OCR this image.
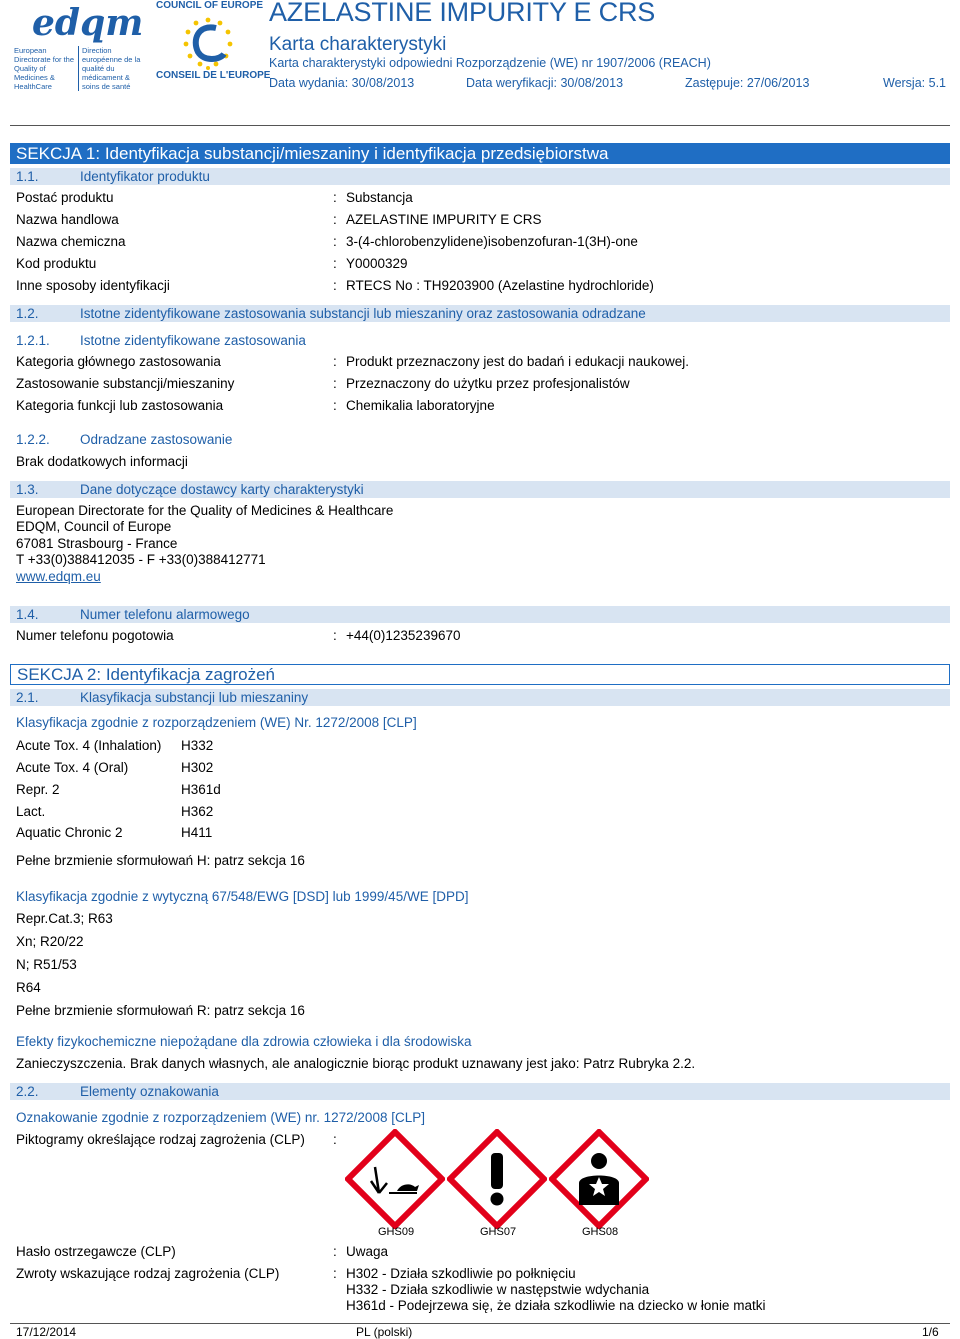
edqm
European Directorate for the Quality of Medicines & HealthCare
Direction européenne de la qualité du médicament & soins de santé
COUNCIL OF EUROPE
CONSEIL DE L'EUROPE
AZELASTINE IMPURITY E CRS
Karta charakterystyki
Karta charakterystyki odpowiedni Rozporządzenie (WE) nr 1907/2006 (REACH)
Data wydania: 30/08/2013	Data weryfikacji: 30/08/2013	Zastępuje: 27/06/2013	Wersja: 5.1
SEKCJA 1: Identyfikacja substancji/mieszaniny i identyfikacja przedsiębiorstwa
1.1.	Identyfikator produktu
Postać produktu	: Substancja
Nazwa handlowa	: AZELASTINE IMPURITY E CRS
Nazwa chemiczna	: 3-(4-chlorobenzylidene)isobenzofuran-1(3H)-one
Kod produktu	: Y0000329
Inne sposoby identyfikacji	: RTECS No : TH9203900 (Azelastine hydrochloride)
1.2.	Istotne zidentyfikowane zastosowania substancji lub mieszaniny oraz zastosowania odradzane
1.2.1. Istotne zidentyfikowane zastosowania
Kategoria głównego zastosowania	: Produkt przeznaczony jest do badań i edukacji naukowej.
Zastosowanie substancji/mieszaniny	: Przeznaczony do użytku przez profesjonalistów
Kategoria funkcji lub zastosowania	: Chemikalia laboratoryjne
1.2.2. Odradzane zastosowanie
Brak dodatkowych informacji
1.3.	Dane dotyczące dostawcy karty charakterystyki
European Directorate for the Quality of Medicines & Healthcare
EDQM, Council of Europe
67081 Strasbourg - France
T +33(0)388412035 - F +33(0)388412771
www.edqm.eu
1.4.	Numer telefonu alarmowego
Numer telefonu pogotowia	: +44(0)1235239670
SEKCJA 2: Identyfikacja zagrożeń
2.1.	Klasyfikacja substancji lub mieszaniny
Klasyfikacja zgodnie z rozporządzeniem (WE) Nr. 1272/2008 [CLP]
Acute Tox. 4 (Inhalation) H332
Acute Tox. 4 (Oral)	H302
Repr. 2	H361d
Lact.	H362
Aquatic Chronic 2	H411
Pełne brzmienie sformułowań H: patrz sekcja 16
Klasyfikacja zgodnie z wytyczną 67/548/EWG [DSD] lub 1999/45/WE [DPD]
Repr.Cat.3; R63
Xn; R20/22
N; R51/53
R64
Pełne brzmienie sformułowań R: patrz sekcja 16
Efekty fizykochemiczne niepożądane dla zdrowia człowieka i dla środowiska
Zanieczyszczenia. Brak danych własnych, ale analogicznie biorąc produkt uznawany jest jako: Patrz Rubryka 2.2.
2.2.	Elementy oznakowania
Oznakowanie zgodnie z rozporządzeniem (WE) nr. 1272/2008 [CLP]
Piktogramy określające rodzaj zagrożenia (CLP) :
GHS09	GHS07	GHS08
Hasło ostrzegawcze (CLP)	: Uwaga
Zwroty wskazujące rodzaj zagrożenia (CLP)	: H302 - Działa szkodliwie po połknięciu
H332 - Działa szkodliwie w następstwie wdychania
H361d - Podejrzewa się, że działa szkodliwie na dziecko w łonie matki
17/12/2014	PL (polski)	1/6
